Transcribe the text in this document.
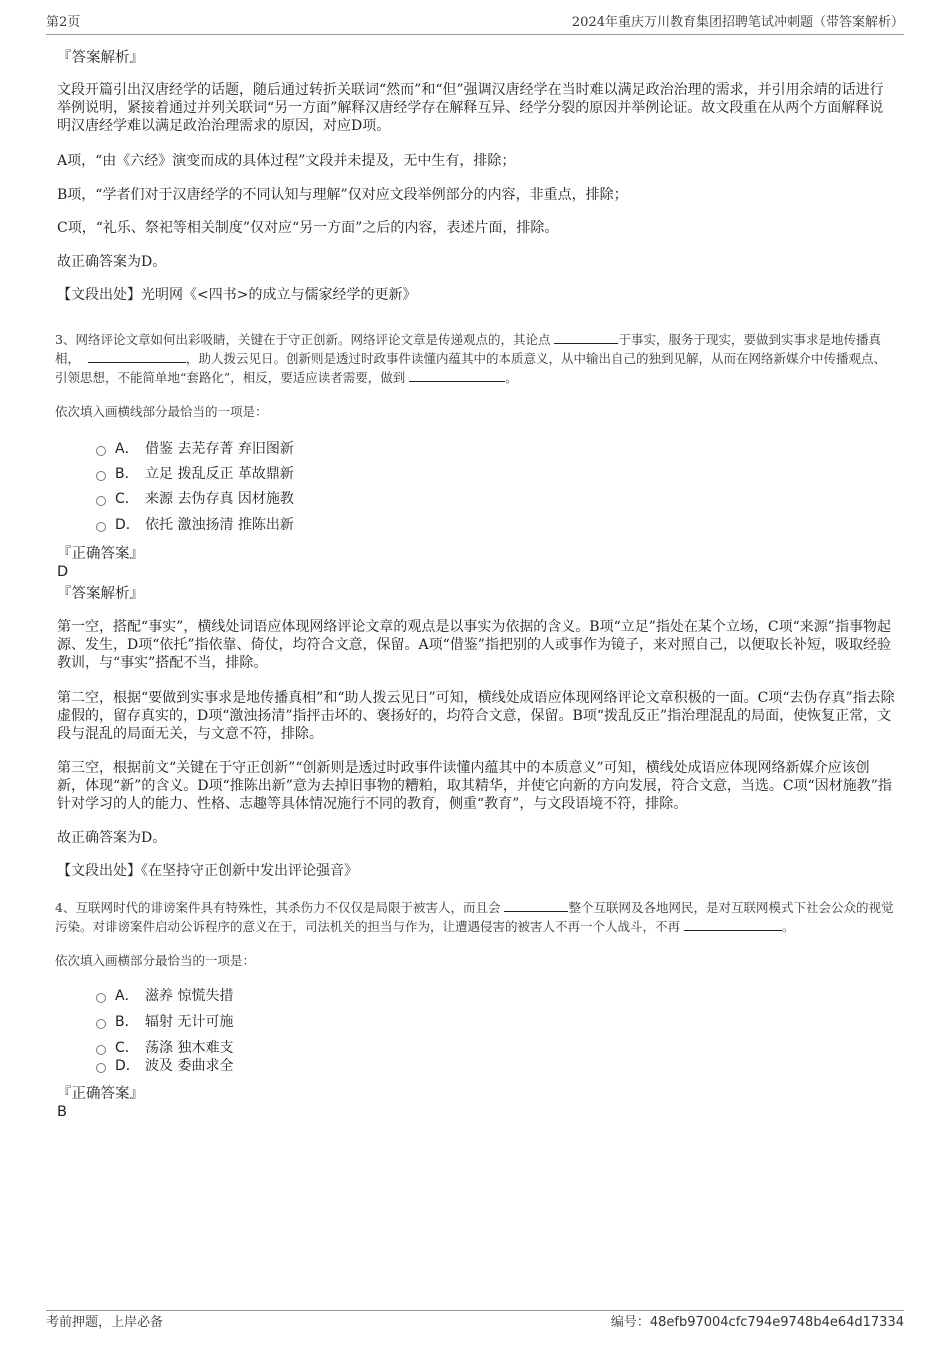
第2页	2024年重庆万川教育集团招聘笔试冲刺题（带答案解析）
『答案解析』
文段开篇引出汉唐经学的话题，随后通过转折关联词“然而”和“但”强调汉唐经学在当时难以满足政治治理的需求，并引用余靖的话进行举例说明，紧接着通过并列关联词“另一方面”解释汉唐经学存在解释互异、经学分裂的原因并举例论证。故文段重在从两个方面解释说明汉唐经学难以满足政治治理需求的原因，对应D项。
A项，“由《六经》演变而成的具体过程”文段并未提及，无中生有，排除；
B项，“学者们对于汉唐经学的不同认知与理解”仅对应文段举例部分的内容，非重点，排除；
C项，“礼乐、祭祀等相关制度”仅对应“另一方面”之后的内容，表述片面，排除。
故正确答案为D。
【文段出处】光明网《<四书>的成立与儒家经学的更新》
3、网络评论文章如何出彩吸睛，关键在于守正创新。网络评论文章是传递观点的，其论点	于事实，服务于现实，要做到实事求是地传播真相，	，助人拨云见日。创新则是透过时政事件读懂内蕴其中的本质意义，从中输出自己的独到见解，从而在网络新媒介中传播观点、引领思想，不能简单地“套路化”，相反，要适应读者需要，做到	。
依次填入画横线部分最恰当的一项是：
A． 借鉴 去芜存菁 弃旧图新
B． 立足 拨乱反正 革故鼎新
C． 来源 去伪存真 因材施教
D． 依托 激浊扬清 推陈出新
『正确答案』
D
『答案解析』
第一空，搭配“事实”，横线处词语应体现网络评论文章的观点是以事实为依据的含义。B项“立足”指处在某个立场，C项“来源”指事物起源、发生，D项“依托”指依靠、倚仗，均符合文意，保留。A项“借鉴”指把别的人或事作为镜子，来对照自己，以便取长补短，吸取经验教训，与“事实”搭配不当，排除。
第二空，根据“要做到实事求是地传播真相”和“助人拨云见日”可知，横线处成语应体现网络评论文章积极的一面。C项“去伪存真”指去除虚假的，留存真实的，D项“激浊扬清”指抨击坏的、褒扬好的，均符合文意，保留。B项“拨乱反正”指治理混乱的局面，使恢复正常，文段与混乱的局面无关，与文意不符，排除。
第三空，根据前文“关键在于守正创新”“创新则是透过时政事件读懂内蕴其中的本质意义”可知，横线处成语应体现网络新媒介应该创新，体现“新”的含义。D项“推陈出新”意为去掉旧事物的糟粕，取其精华，并使它向新的方向发展，符合文意，当选。C项“因材施教”指针对学习的人的能力、性格、志趣等具体情况施行不同的教育，侧重“教育”，与文段语境不符，排除。
故正确答案为D。
【文段出处】《在坚持守正创新中发出评论强音》
4、互联网时代的诽谤案件具有特殊性，其杀伤力不仅仅是局限于被害人，而且会	整个互联网及各地网民，是对互联网模式下社会公众的视觉污染。对诽谤案件启动公诉程序的意义在于，司法机关的担当与作为，让遭遇侵害的被害人不再一个人战斗，不再	。
依次填入画横部分最恰当的一项是：
A． 滋养 惊慌失措
B． 辐射 无计可施
C． 荡涤 独木难支
D． 波及 委曲求全
『正确答案』
B
考前押题，上岸必备	编号：48efb97004cfc794e9748b4e64d17334
